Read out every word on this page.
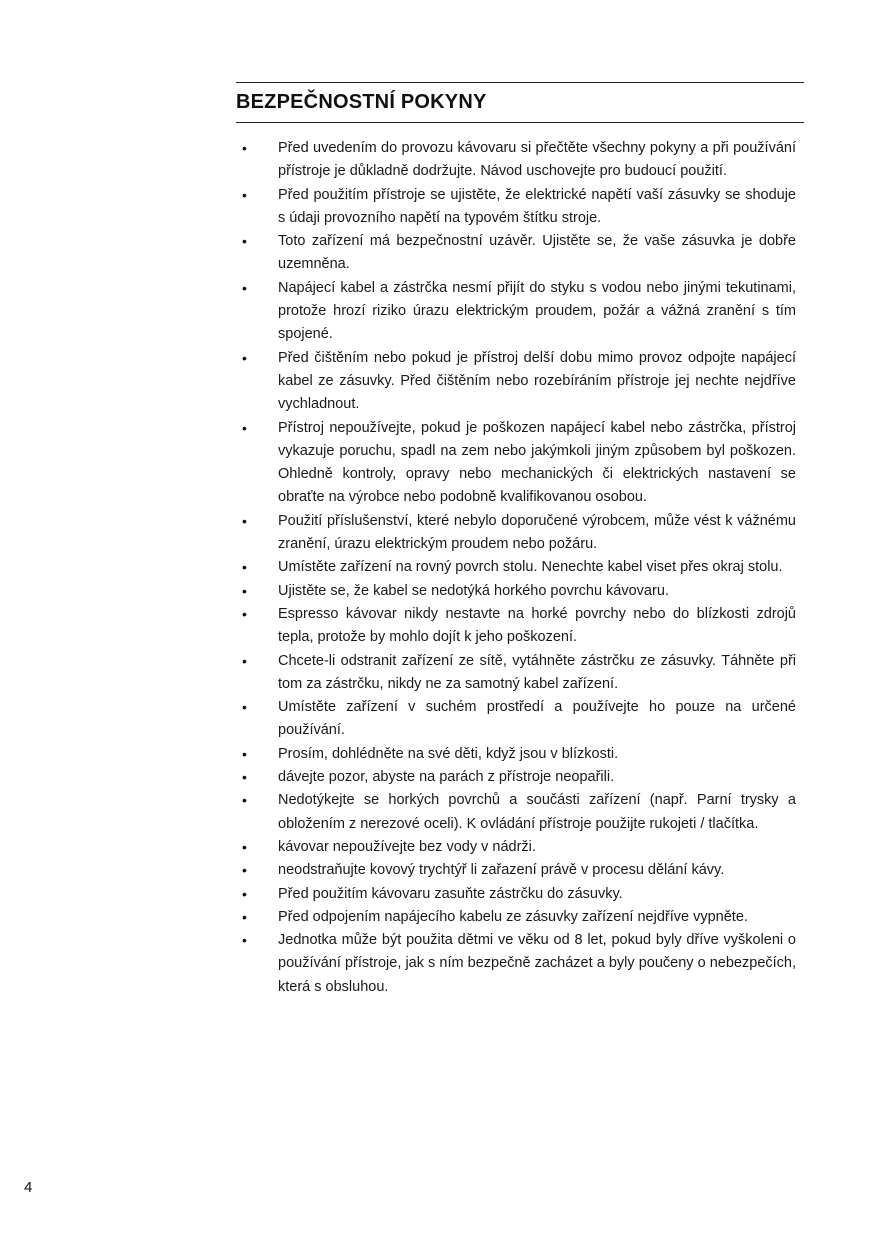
BEZPEČNOSTNÍ POKYNY
•	Před uvedením do provozu kávovaru si přečtěte všechny pokyny a při používání přístroje je důkladně dodržujte. Návod uschovejte pro budoucí použití.
•	Před použitím přístroje se ujistěte, že elektrické napětí vaší zásuvky se shoduje s údaji provozního napětí na typovém štítku stroje.
•	Toto zařízení má bezpečnostní uzávěr. Ujistěte se, že vaše zásuvka je dobře uzemněna.
•	Napájecí kabel a zástrčka nesmí přijít do styku s vodou nebo jinými tekutinami, protože hrozí riziko úrazu elektrickým proudem, požár a vážná zranění s tím spojené.
•	Před čištěním nebo pokud je přístroj delší dobu mimo provoz odpojte napájecí kabel ze zásuvky. Před čištěním nebo rozebíráním přístroje jej nechte nejdříve vychladnout.
•	Přístroj nepoužívejte, pokud je poškozen napájecí kabel nebo zástrčka, přístroj vykazuje poruchu, spadl na zem nebo jakýmkoli jiným způsobem byl poškozen. Ohledně kontroly, opravy nebo mechanických či elektrických nastavení se obraťte na výrobce nebo podobně kvalifikovanou osobou.
•	Použití příslušenství, které nebylo doporučené výrobcem, může vést k vážnému zranění, úrazu elektrickým proudem nebo požáru.
•	Umístěte zařízení na rovný povrch stolu. Nenechte kabel viset přes okraj stolu.
•	Ujistěte se, že kabel se nedotýká horkého povrchu kávovaru.
•	Espresso kávovar nikdy nestavte na horké povrchy nebo do blízkosti zdrojů tepla, protože by mohlo dojít k jeho poškození.
•	Chcete-li odstranit zařízení ze sítě, vytáhněte zástrčku ze zásuvky. Táhněte při tom za zástrčku, nikdy ne za samotný kabel zařízení.
•	Umístěte zařízení v suchém prostředí a používejte ho pouze na určené používání.
•	Prosím, dohlédněte na své děti, když jsou v blízkosti.
•	dávejte pozor, abyste na parách z přístroje neopařili.
•	Nedotýkejte se horkých povrchů a součásti zařízení (např. Parní trysky a obložením z nerezové oceli). K ovládání přístroje použijte rukojeti / tlačítka.
•	kávovar nepoužívejte bez vody v nádrži.
•	neodstraňujte kovový trychtýř li zařazení právě v procesu dělání kávy.
•	Před použitím kávovaru zasuňte zástrčku do zásuvky.
•	Před odpojením napájecího kabelu ze zásuvky zařízení nejdříve vypněte.
•	Jednotka může být použita dětmi ve věku od 8 let, pokud byly dříve vyškoleni o používání přístroje, jak s ním bezpečně zacházet a byly poučeny o nebezpečích, která s obsluhou.
4
